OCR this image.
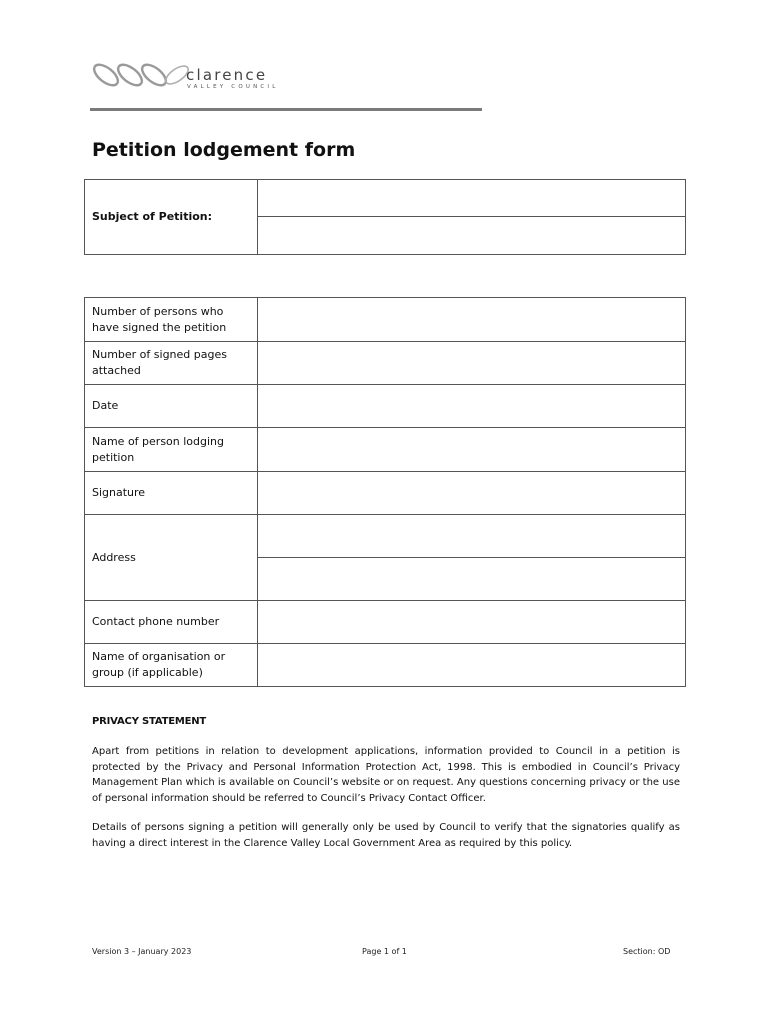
clarence
VALLEY COUNCIL
Petition lodgement form
Subject of Petition:	

Number of persons who have signed the petition	
Number of signed pages attached	
Date	
Name of person lodging petition	
Signature	
Address	

Contact phone number	
Name of organisation or group (if applicable)	
PRIVACY STATEMENT

Apart from petitions in relation to development applications, information provided to Council in a petition is protected by the Privacy and Personal Information Protection Act, 1998. This is embodied in Council’s Privacy Management Plan which is available on Council’s website or on request. Any questions concerning privacy or the use of personal information should be referred to Council’s Privacy Contact Officer.

Details of persons signing a petition will generally only be used by Council to verify that the signatories qualify as having a direct interest in the Clarence Valley Local Government Area as required by this policy.

Version 3 – January 2023	Page 1 of 1	Section: OD
